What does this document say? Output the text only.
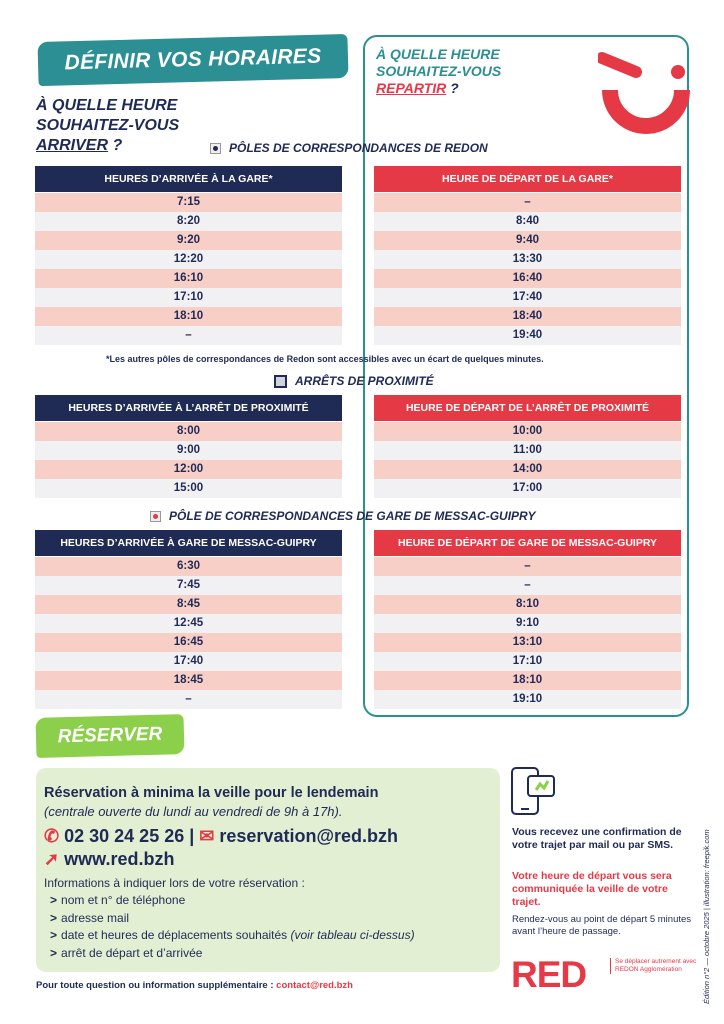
DÉFINIR VOS HORAIRES
À QUELLE HEURE
SOUHAITEZ-VOUS
ARRIVER ?
À QUELLE HEURE
SOUHAITEZ-VOUS
REPARTIR ?
PÔLES DE CORRESPONDANCES DE REDON
HEURES D’ARRIVÉE À LA GARE*
7:15
8:20
9:20
12:20
16:10
17:10
18:10
–
HEURE DE DÉPART DE LA GARE*
–
8:40
9:40
13:30
16:40
17:40
18:40
19:40
*Les autres pôles de correspondances de Redon sont accessibles avec un écart de quelques minutes.
ARRÊTS DE PROXIMITÉ
HEURES D’ARRIVÉE À L’ARRÊT DE PROXIMITÉ
8:00
9:00
12:00
15:00
HEURE DE DÉPART DE L’ARRÊT DE PROXIMITÉ
10:00
11:00
14:00
17:00
PÔLE DE CORRESPONDANCES DE GARE DE MESSAC-GUIPRY
HEURES D’ARRIVÉE À GARE DE MESSAC-GUIPRY
6:30
7:45
8:45
12:45
16:45
17:40
18:45
–
HEURE DE DÉPART DE GARE DE MESSAC-GUIPRY
–
–
8:10
9:10
13:10
17:10
18:10
19:10
RÉSERVER
Réservation à minima la veille pour le lendemain
(centrale ouverte du lundi au vendredi de 9h à 17h).
✆ 02 30 24 25 26 | ✉ reservation@red.bzh
➚ www.red.bzh
Informations à indiquer lors de votre réservation :
> nom et n° de téléphone
> adresse mail
> date et heures de déplacements souhaités (voir tableau ci-dessus)
> arrêt de départ et d’arrivée
Pour toute question ou information supplémentaire : contact@red.bzh
Vous recevez une confirmation de votre trajet par mail ou par SMS.
Votre heure de départ vous sera communiquée la veille de votre trajet.
Rendez-vous au point de départ 5 minutes avant l’heure de passage.
RED	Se déplacer autrement avec REDON Agglomération	Édition n°2 — octobre 2025 | illustration: freepik.com
